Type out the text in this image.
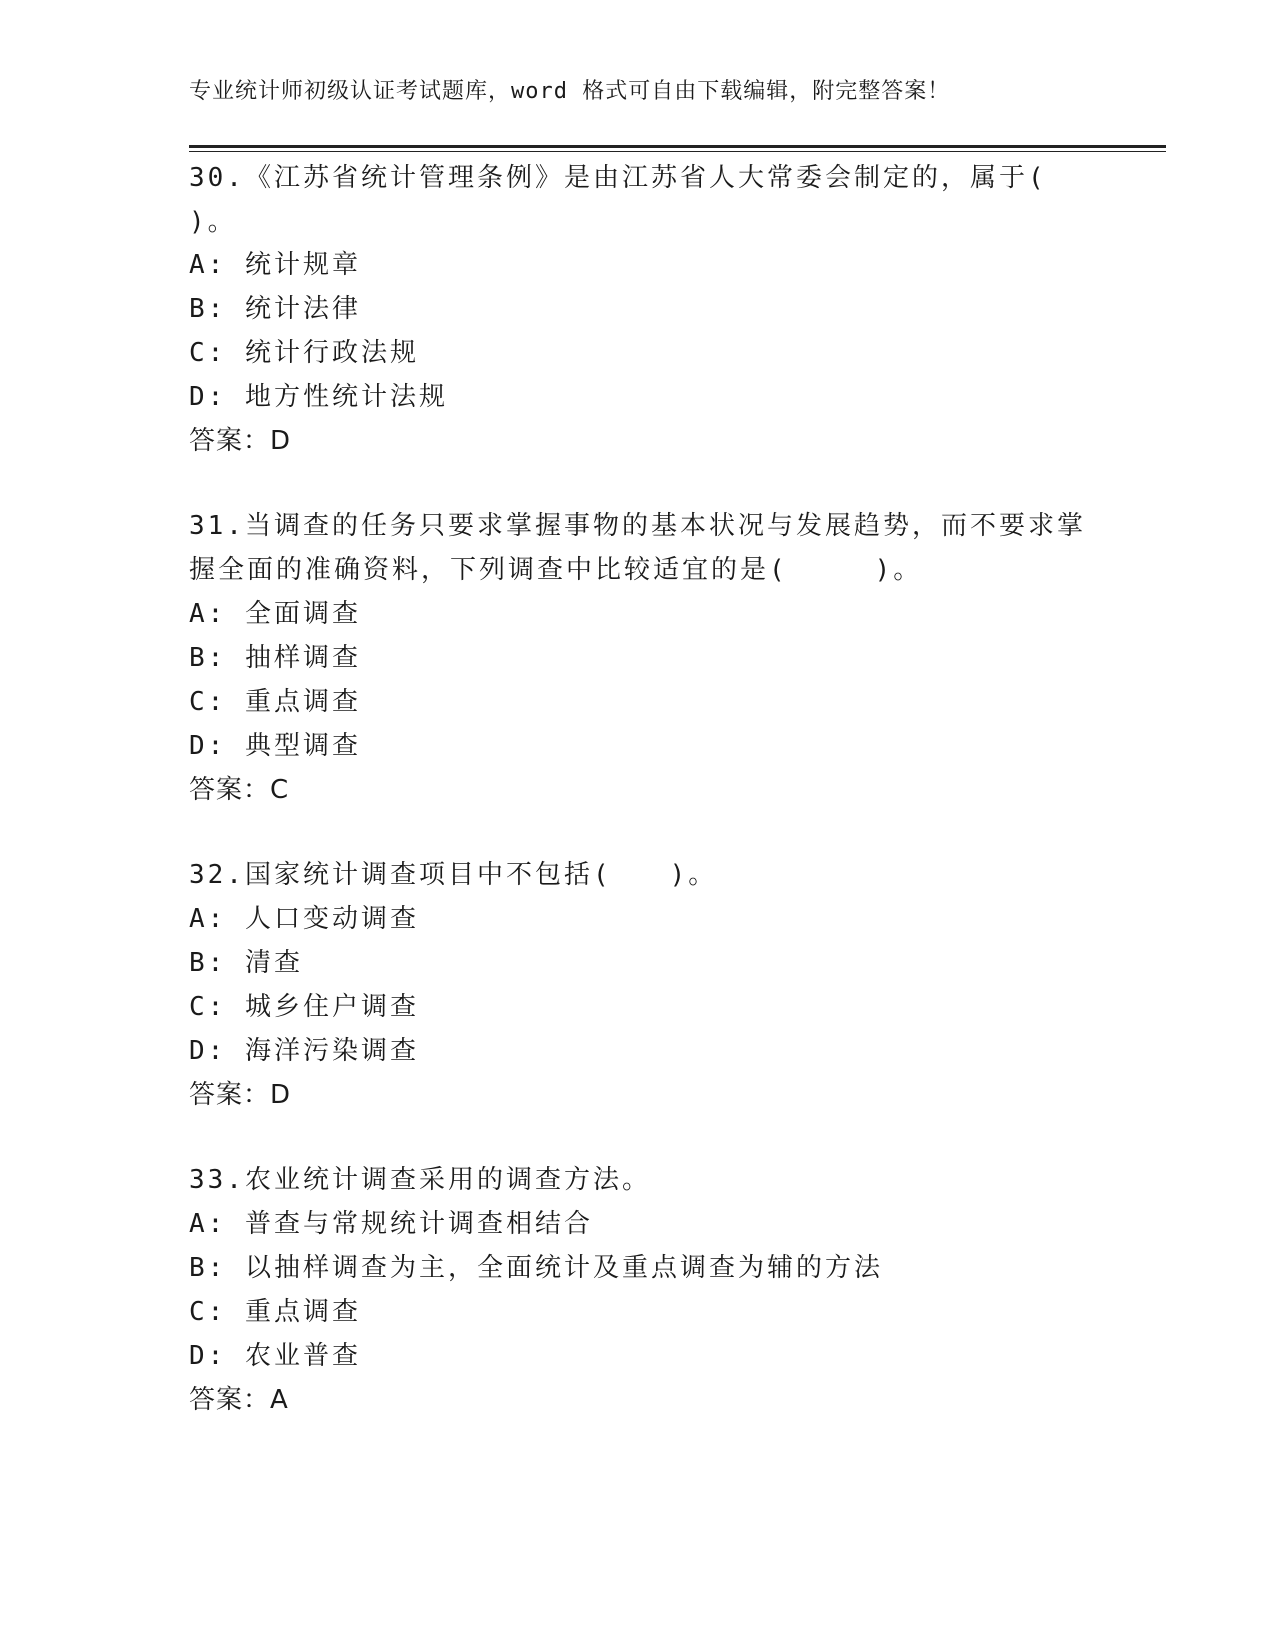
专业统计师初级认证考试题库，word 格式可自由下载编辑，附完整答案！
30.《江苏省统计管理条例》是由江苏省人大常委会制定的，属于(
)。
A: 统计规章
B: 统计法律
C: 统计行政法规
D: 地方性统计法规
答案：D
31.当调查的任务只要求掌握事物的基本状况与发展趋势，而不要求掌
握全面的准确资料，下列调查中比较适宜的是(　　　)。
A: 全面调查
B: 抽样调查
C: 重点调查
D: 典型调查
答案：C
32.国家统计调查项目中不包括(　　)。
A: 人口变动调查
B: 清查
C: 城乡住户调查
D: 海洋污染调查
答案：D
33.农业统计调查采用的调查方法。
A: 普查与常规统计调查相结合
B: 以抽样调查为主，全面统计及重点调查为辅的方法
C: 重点调查
D: 农业普查
答案：A
